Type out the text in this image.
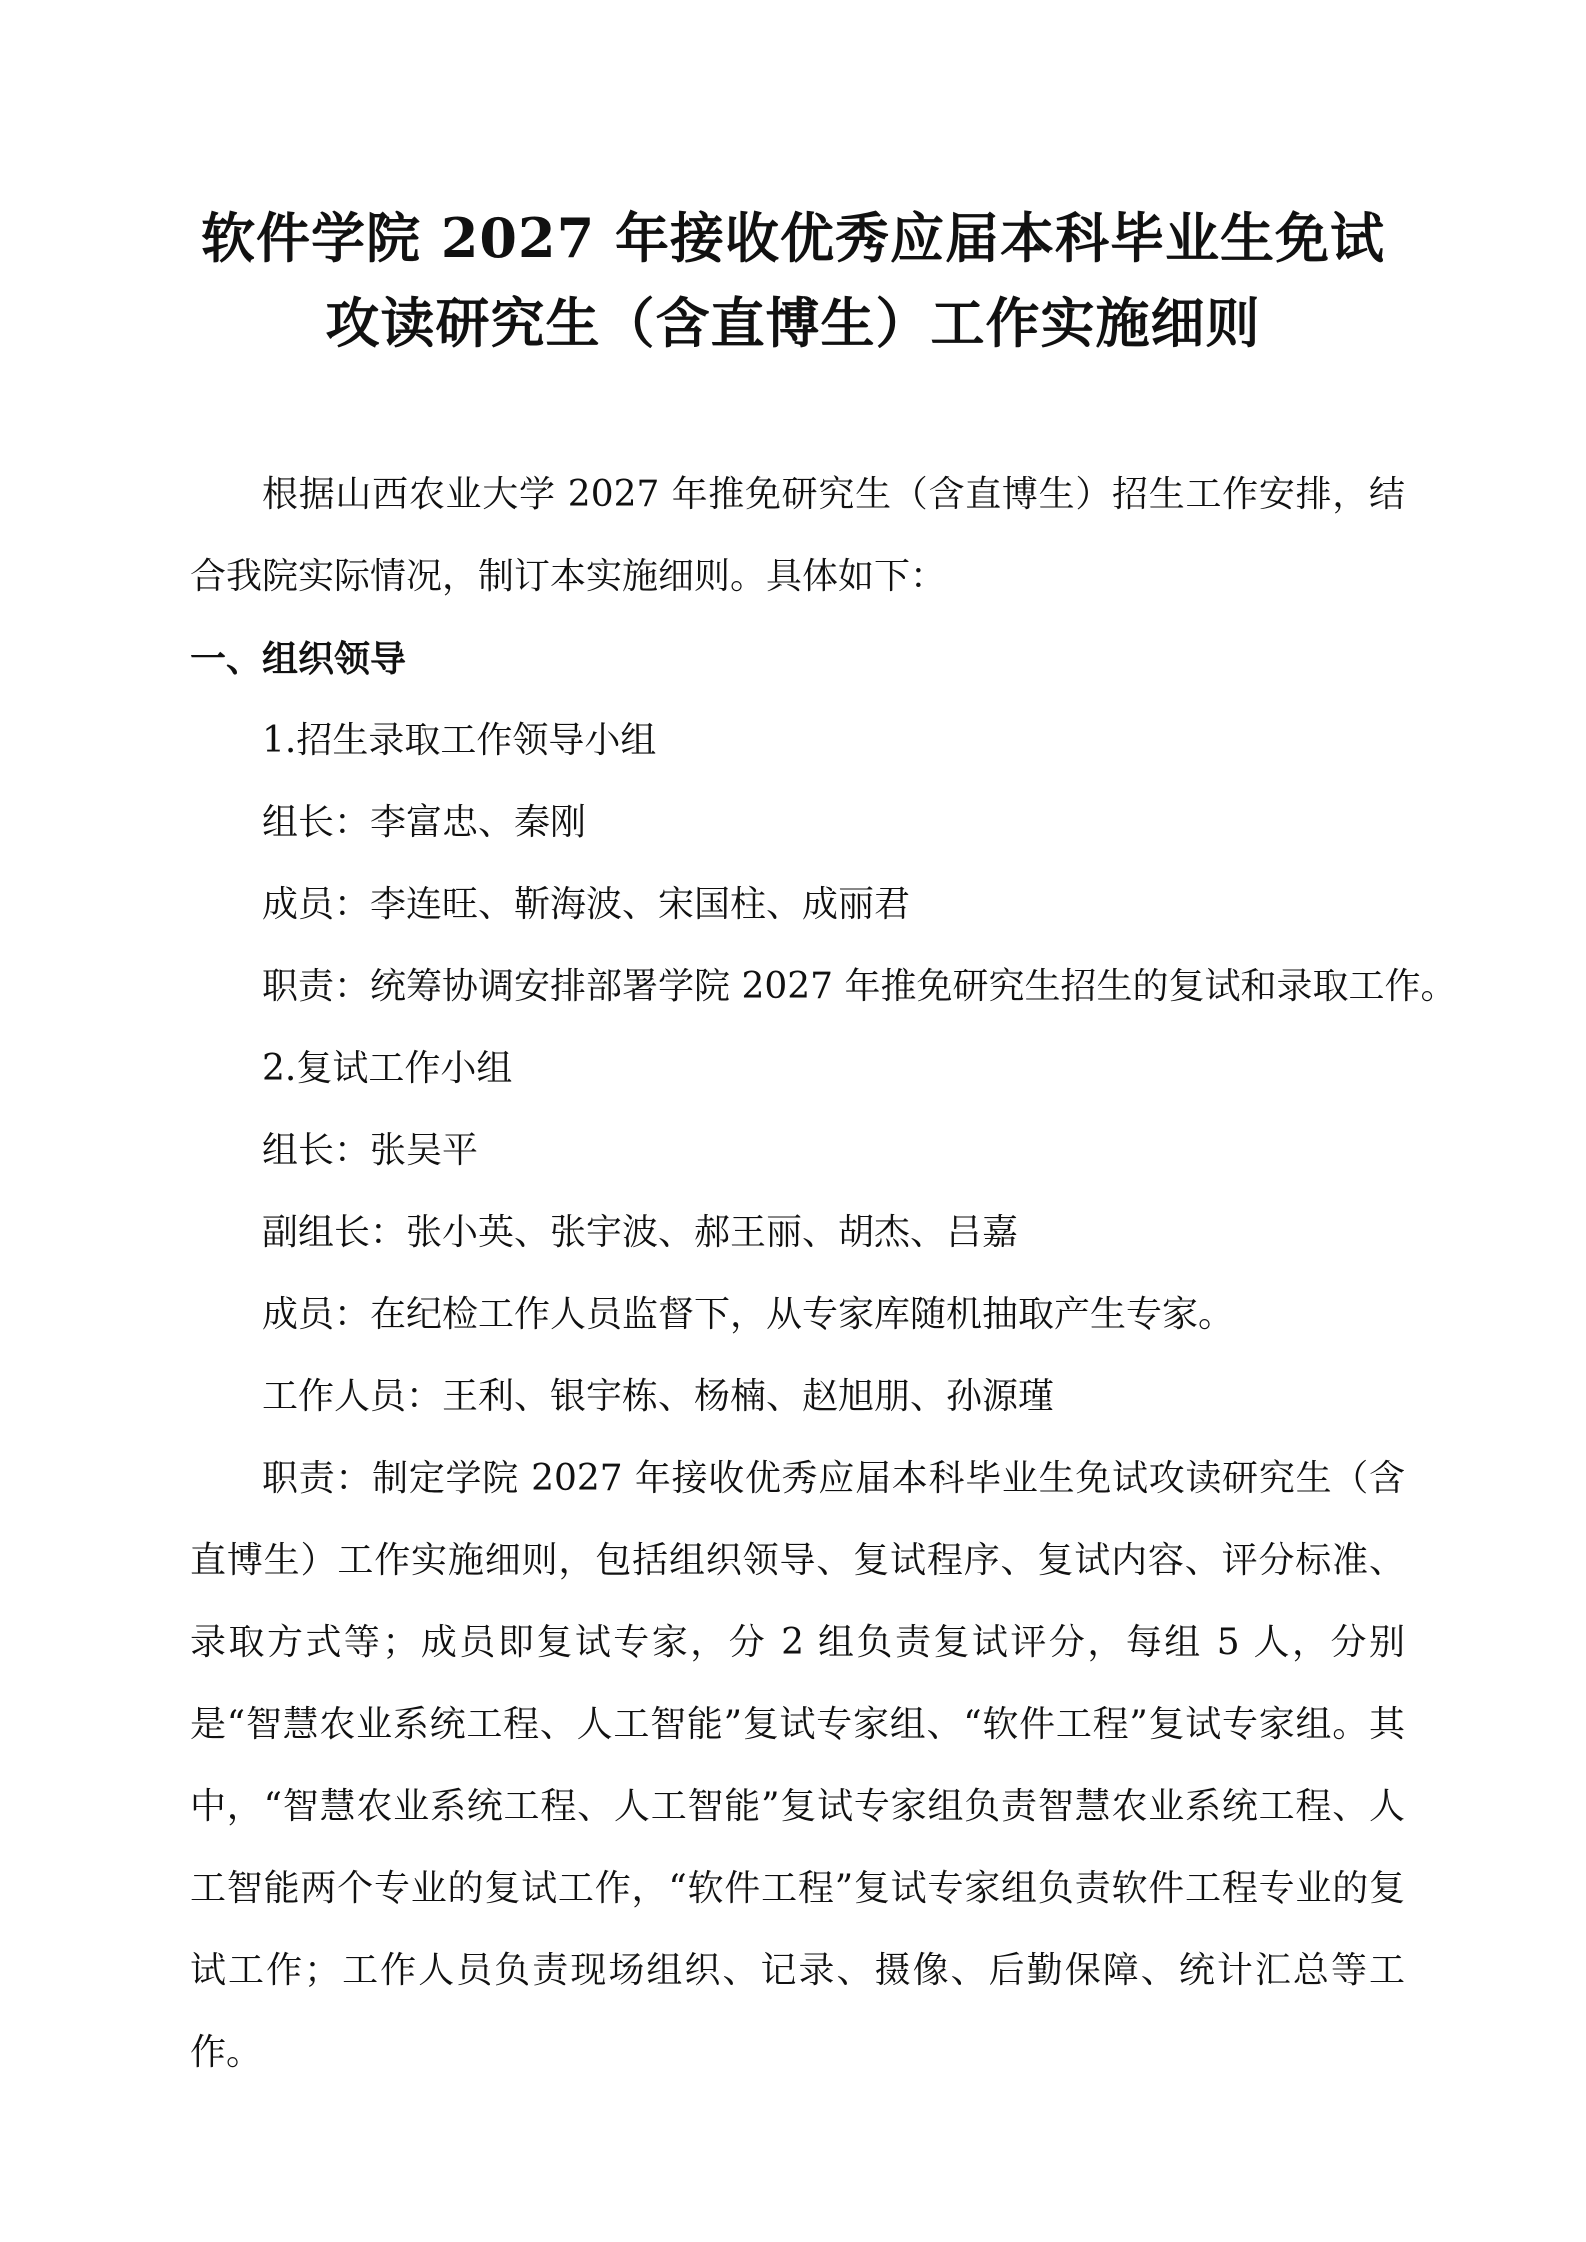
软件学院 2027 年接收优秀应届本科毕业生免试
攻读研究生（含直博生）工作实施细则

根据山西农业大学 2027 年推免研究生（含直博生）招生工作安排，结合我院实际情况，制订本实施细则。具体如下：

一、组织领导

1.招生录取工作领导小组

组长：李富忠、秦刚

成员：李连旺、靳海波、宋国柱、成丽君

职责：统筹协调安排部署学院 2027 年推免研究生招生的复试和录取工作。

2.复试工作小组

组长：张吴平

副组长：张小英、张宇波、郝王丽、胡杰、吕嘉

成员：在纪检工作人员监督下，从专家库随机抽取产生专家。

工作人员：王利、银宇栋、杨楠、赵旭朋、孙源瑾

职责：制定学院 2027 年接收优秀应届本科毕业生免试攻读研究生（含直博生）工作实施细则，包括组织领导、复试程序、复试内容、评分标准、录取方式等；成员即复试专家，分 2 组负责复试评分，每组 5 人，分别是“智慧农业系统工程、人工智能”复试专家组、“软件工程”复试专家组。其中，“智慧农业系统工程、人工智能”复试专家组负责智慧农业系统工程、人工智能两个专业的复试工作，“软件工程”复试专家组负责软件工程专业的复试工作；工作人员负责现场组织、记录、摄像、后勤保障、统计汇总等工作。
